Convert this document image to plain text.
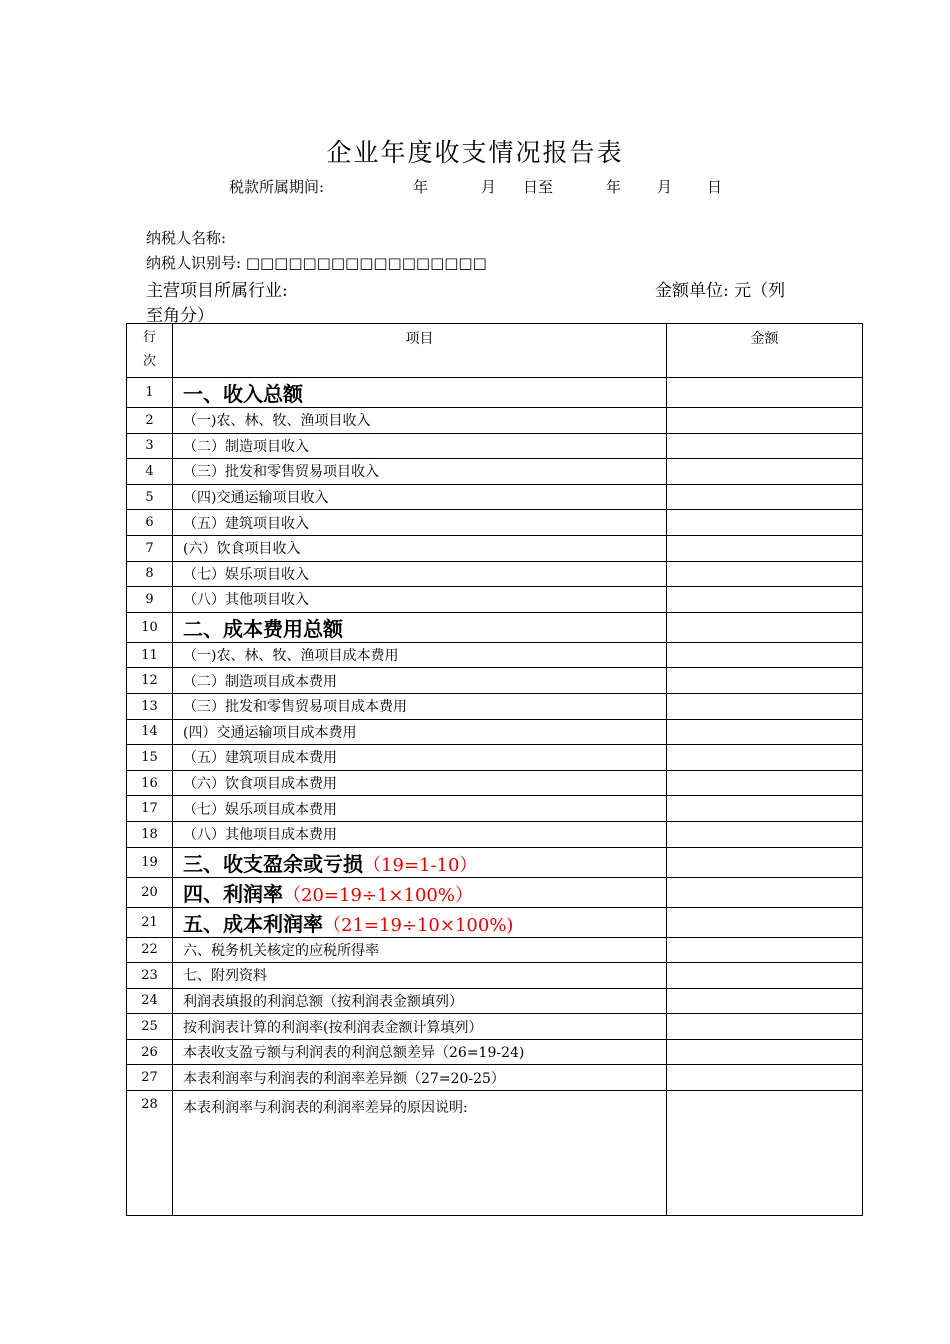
企业年度收支情况报告表
税款所属期间:	年	月 日至	年 月 日
纳税人名称:
纳税人识别号: □□□□□□□□□□□□□□□□□
主营项目所属行业:	金额单位: 元（列
至角分）
行次	项目	金额
1	一、收入总额	
2	（一)农、林、牧、渔项目收入	
3	（二）制造项目收入	
4	（三）批发和零售贸易项目收入	
5	（四)交通运输项目收入	
6	（五）建筑项目收入	
7	(六）饮食项目收入	
8	（七）娱乐项目收入	
9	（八）其他项目收入	
10	二、成本费用总额	
11	（一)农、林、牧、渔项目成本费用	
12	（二）制造项目成本费用	
13	（三）批发和零售贸易项目成本费用	
14	(四）交通运输项目成本费用	
15	（五）建筑项目成本费用	
16	（六）饮食项目成本费用	
17	（七）娱乐项目成本费用	
18	（八）其他项目成本费用	
19	三、收支盈余或亏损（19=1-10）	
20	四、利润率（20=19÷1×100%）	
21	五、成本利润率（21=19÷10×100%)	
22	六、税务机关核定的应税所得率	
23	七、附列资料	
24	利润表填报的利润总额（按利润表金额填列）	
25	按利润表计算的利润率(按利润表金额计算填列）	
26	本表收支盈亏额与利润表的利润总额差异（26=19-24)	
27	本表利润率与利润表的利润率差异额（27=20-25）	
28	本表利润率与利润表的利润率差异的原因说明:	
